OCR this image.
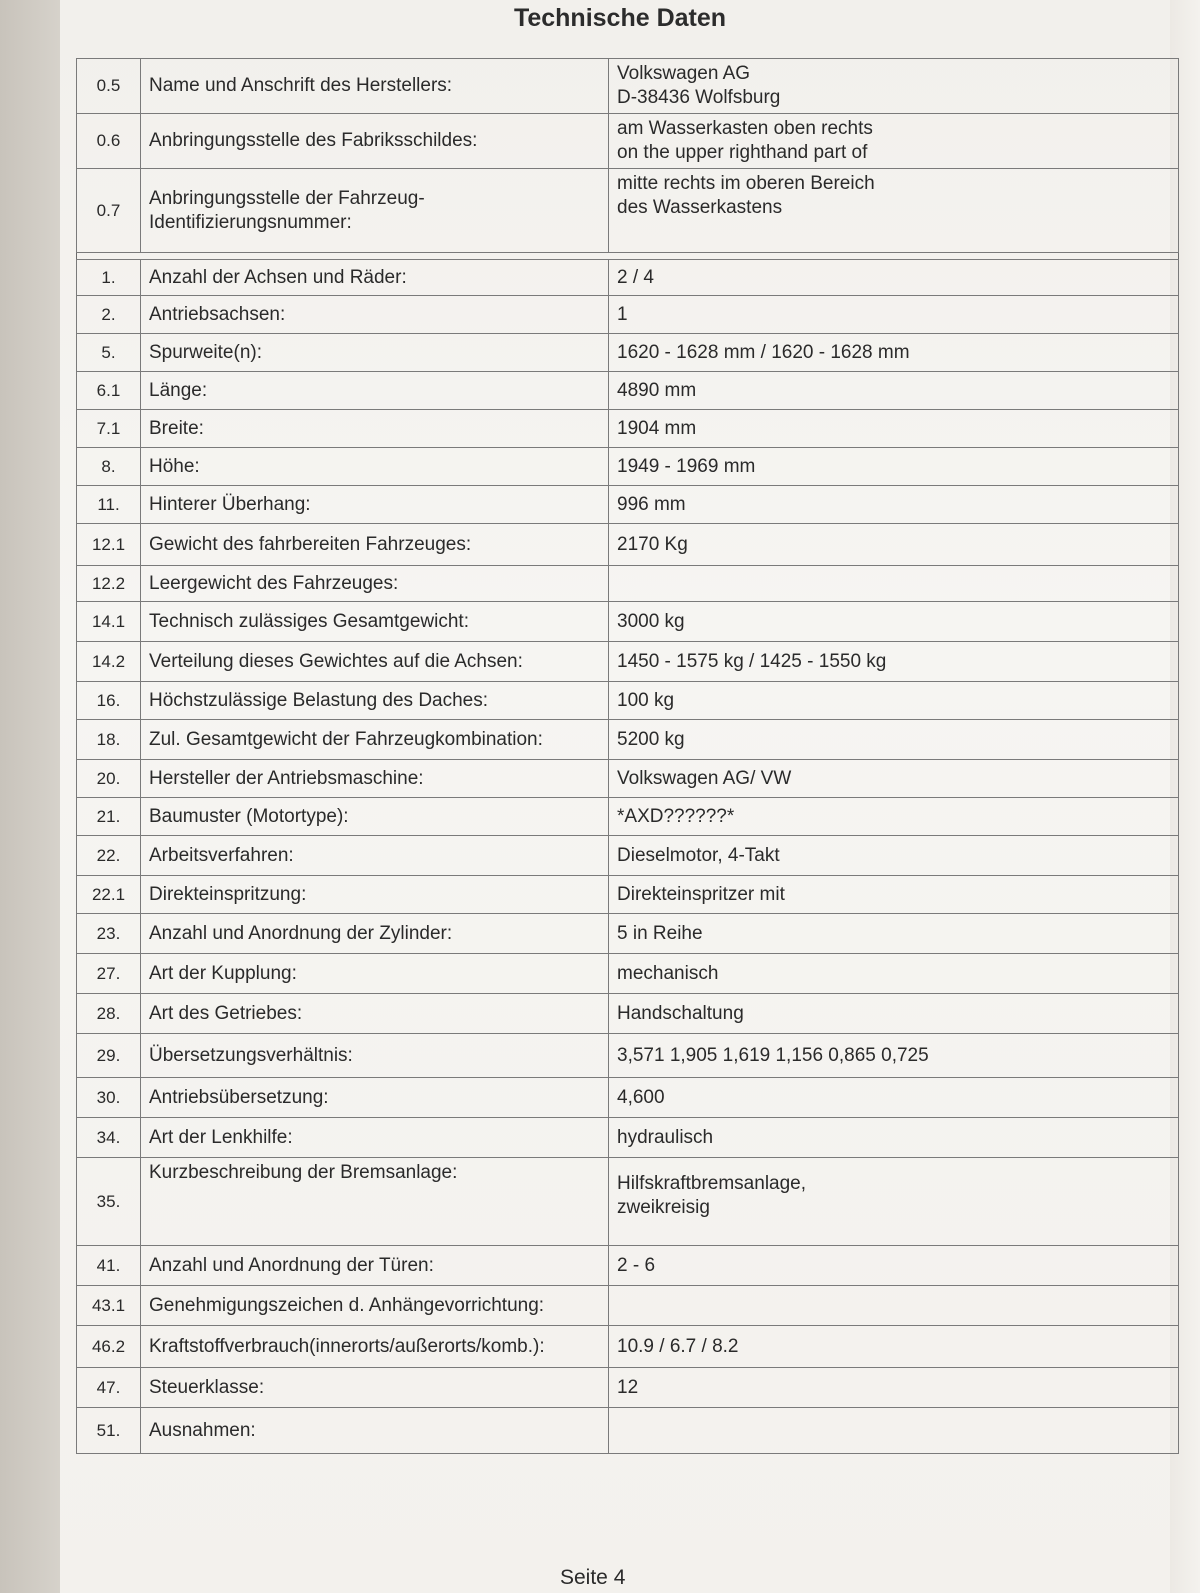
Technische Daten
0.5	Name und Anschrift des Herstellers:	Volkswagen AG
D-38436 Wolfsburg
0.6	Anbringungsstelle des Fabriksschildes:	am Wasserkasten oben rechts
on the upper righthand part of
0.7	Anbringungsstelle der Fahrzeug-
Identifizierungsnummer:	mitte rechts im oberen Bereich
des Wasserkastens

1.	Anzahl der Achsen und Räder:	2 / 4
2.	Antriebsachsen:	1
5.	Spurweite(n):	1620 - 1628 mm / 1620 - 1628 mm
6.1	Länge:	4890 mm
7.1	Breite:	1904 mm
8.	Höhe:	1949 - 1969 mm
11.	Hinterer Überhang:	996 mm
12.1	Gewicht des fahrbereiten Fahrzeuges:	2170 Kg
12.2	Leergewicht des Fahrzeuges:	
14.1	Technisch zulässiges Gesamtgewicht:	3000 kg
14.2	Verteilung dieses Gewichtes auf die Achsen:	1450 - 1575 kg / 1425 - 1550 kg
16.	Höchstzulässige Belastung des Daches:	100 kg
18.	Zul. Gesamtgewicht der Fahrzeugkombination:	5200 kg
20.	Hersteller der Antriebsmaschine:	Volkswagen AG/ VW
21.	Baumuster (Motortype):	*AXD??????*
22.	Arbeitsverfahren:	Dieselmotor, 4-Takt
22.1	Direkteinspritzung:	Direkteinspritzer mit
23.	Anzahl und Anordnung der Zylinder:	5 in Reihe
27.	Art der Kupplung:	mechanisch
28.	Art des Getriebes:	Handschaltung
29.	Übersetzungsverhältnis:	3,571 1,905 1,619 1,156 0,865 0,725
30.	Antriebsübersetzung:	4,600
34.	Art der Lenkhilfe:	hydraulisch
35.	Kurzbeschreibung der Bremsanlage:	Hilfskraftbremsanlage,
zweikreisig
41.	Anzahl und Anordnung der Türen:	2 - 6
43.1	Genehmigungszeichen d. Anhängevorrichtung:	
46.2	Kraftstoffverbrauch(innerorts/außerorts/komb.):	10.9 / 6.7 / 8.2
47.	Steuerklasse:	12
51.	Ausnahmen:	
Seite 4
